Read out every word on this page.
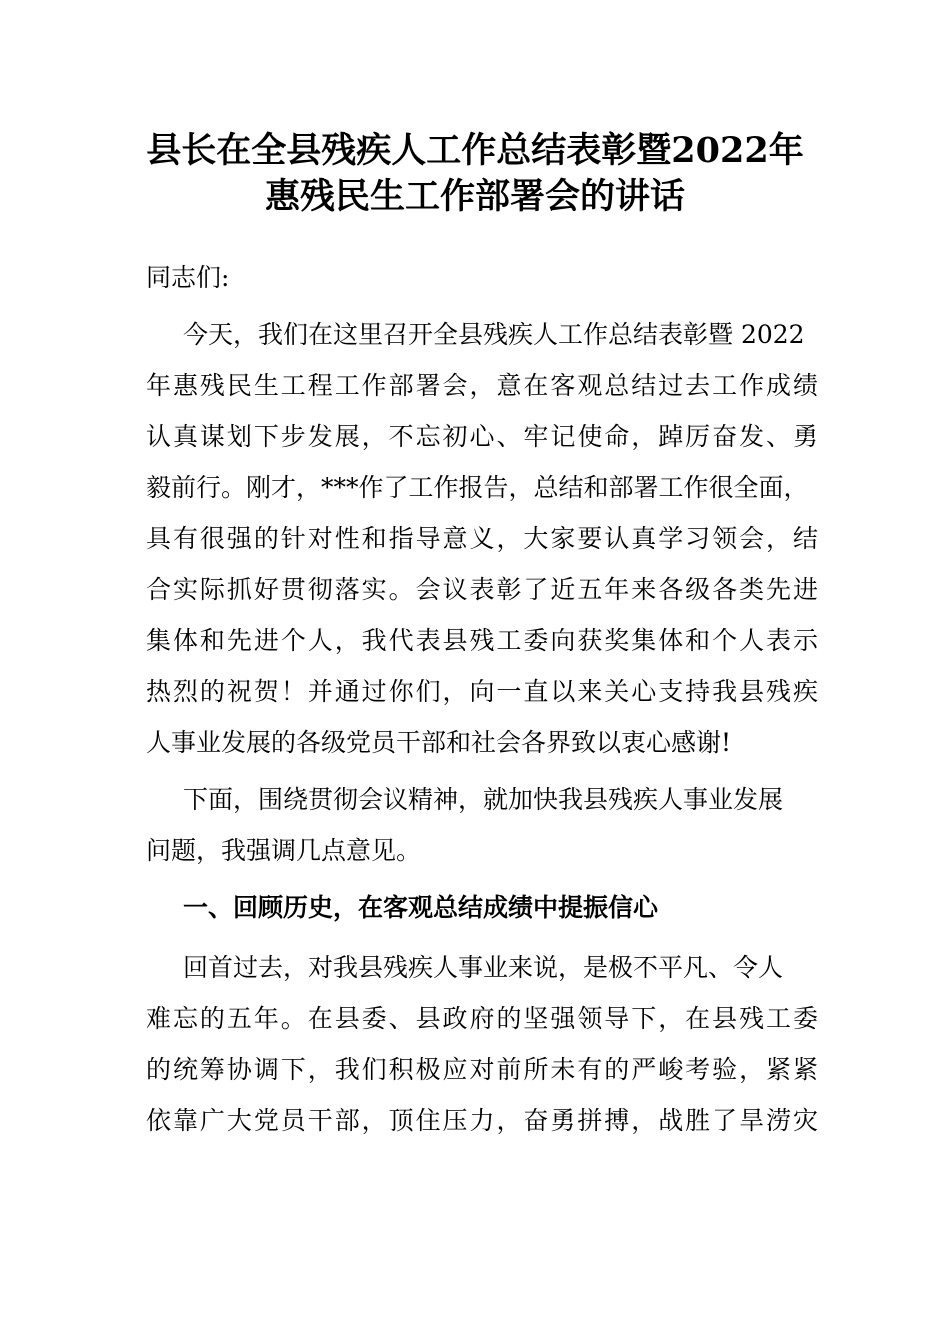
县长在全县残疾人工作总结表彰暨2022年
惠残民生工作部署会的讲话
同志们:
今天，我们在这里召开全县残疾人工作总结表彰暨 2022
年惠残民生工程工作部署会，意在客观总结过去工作成绩
认真谋划下步发展，不忘初心、牢记使命，踔厉奋发、勇
毅前行。刚才，***作了工作报告，总结和部署工作很全面，
具有很强的针对性和指导意义，大家要认真学习领会，结
合实际抓好贯彻落实。会议表彰了近五年来各级各类先进
集体和先进个人，我代表县残工委向获奖集体和个人表示
热烈的祝贺！并通过你们，向一直以来关心支持我县残疾
人事业发展的各级党员干部和社会各界致以衷心感谢!
下面，围绕贯彻会议精神，就加快我县残疾人事业发展
问题，我强调几点意见。
一、回顾历史，在客观总结成绩中提振信心
回首过去，对我县残疾人事业来说，是极不平凡、令人
难忘的五年。在县委、县政府的坚强领导下，在县残工委
的统筹协调下，我们积极应对前所未有的严峻考验，紧紧
依靠广大党员干部，顶住压力，奋勇拼搏，战胜了旱涝灾
